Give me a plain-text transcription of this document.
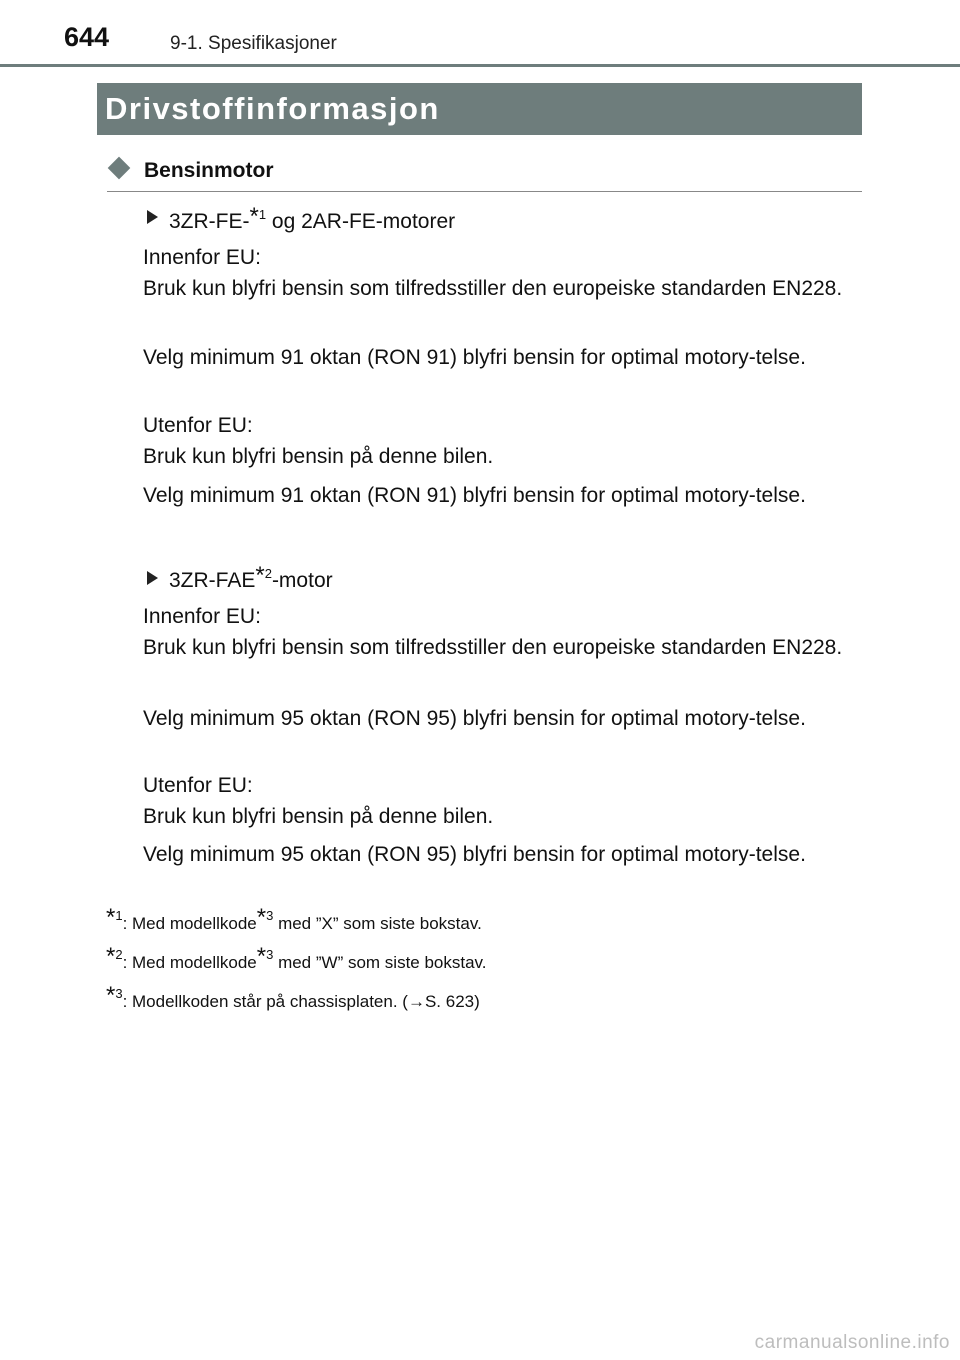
644	9-1. Spesifikasjoner
Drivstoffinformasjon
Bensinmotor
3ZR-FE-*$^1$ og 2AR-FE-motorer
Innenfor EU:
Bruk kun blyfri bensin som tilfredsstiller den europeiske standarden EN228.
Velg minimum 91 oktan (RON 91) blyfri bensin for optimal motory-telse.
Utenfor EU:
Bruk kun blyfri bensin på denne bilen.
Velg minimum 91 oktan (RON 91) blyfri bensin for optimal motory-telse.
3ZR-FAE*$^2$-motor
Innenfor EU:
Bruk kun blyfri bensin som tilfredsstiller den europeiske standarden EN228.
Velg minimum 95 oktan (RON 95) blyfri bensin for optimal motory-telse.
Utenfor EU:
Bruk kun blyfri bensin på denne bilen.
Velg minimum 95 oktan (RON 95) blyfri bensin for optimal motory-telse.
*$^1$: Med modellkode*$^3$ med ”X” som siste bokstav.
*$^2$: Med modellkode*$^3$ med ”W” som siste bokstav.
*$^3$: Modellkoden står på chassisplaten. (→S. 623)
carmanualsonline.info
